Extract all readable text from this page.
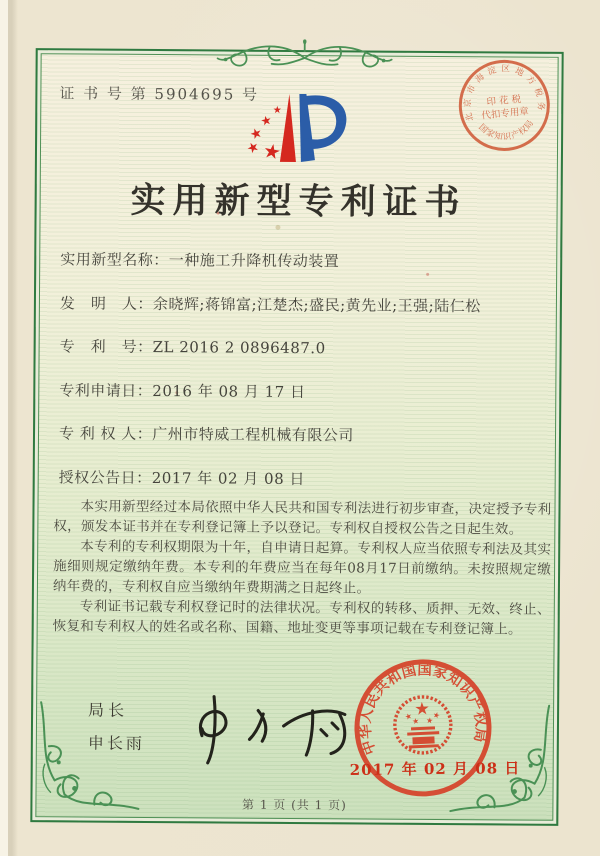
证 书 号 第 5904695 号
北京市海淀区地方税务局
国家知识产权局
印 花 税
代扣专用章
实用新型专利证书
实用新型名称：一种施工升降机传动装置
发　明　人：余晓辉;蒋锦富;江楚杰;盛民;黄先业;王强;陆仁松
专　利　号：ZL 2016 2 0896487.0
专利申请日：2016 年 08 月 17 日
专 利 权 人：广州市特威工程机械有限公司
授权公告日：2017 年 02 月 08 日

本实用新型经过本局依照中华人民共和国专利法进行初步审查，决定授予专利权，颁发本证书并在专利登记簿上予以登记。专利权自授权公告之日起生效。

本专利的专利权期限为十年，自申请日起算。专利权人应当依照专利法及其实施细则规定缴纳年费。本专利的年费应当在每年08月17日前缴纳。未按照规定缴纳年费的，专利权自应当缴纳年费期满之日起终止。

专利证书记载专利权登记时的法律状况。专利权的转移、质押、无效、终止、恢复和专利权人的姓名或名称、国籍、地址变更等事项记载在专利登记簿上。

局长
申长雨	中华人民共和国国家知识产权局
2017 年 02 月 08 日
第 1 页 (共 1 页)
